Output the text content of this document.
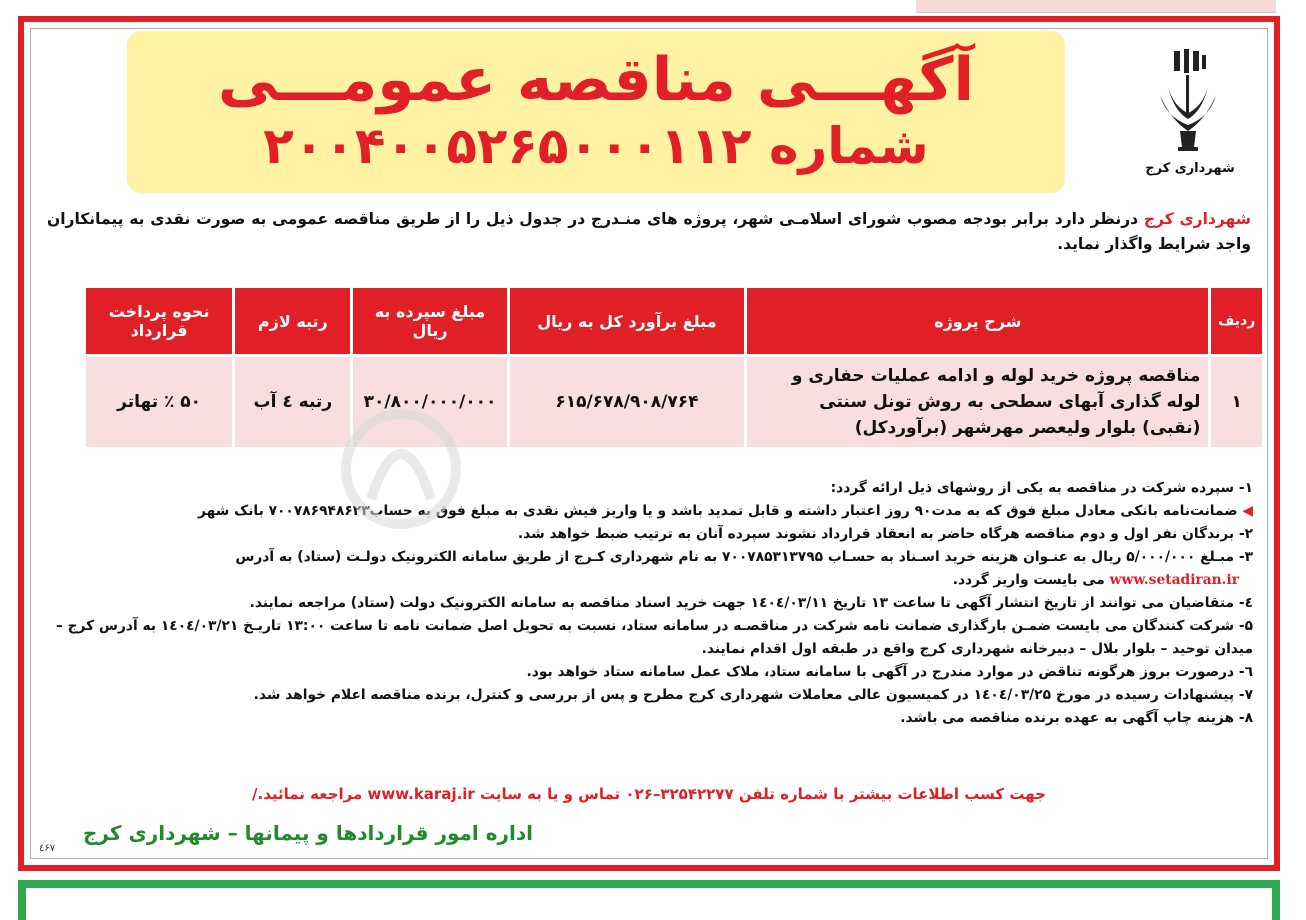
آگهـــی مناقصه عمومـــی
شماره ۲۰۰۴۰۰۵۲۶۵۰۰۰۱۱۲	شهرداری کرج
شهرداری کرج درنظر دارد برابر بودجه مصوب شورای اسلامـی شهر، پروژه های منـدرج در جدول ذیل را از طریق مناقصه عمومی به صورت نقدی به پیمانکاران واجد شرایط واگذار نماید.
ردیف	شرح پروژه	مبلغ برآورد کل به ریال	مبلغ سپرده به ریال	رتبه لازم	نحوه پرداخت قرارداد
۱	مناقصه پروژه خرید لوله و ادامه عملیات حفاری و لوله گذاری آبهای سطحی به روش تونل سنتی (نقبی) بلوار ولیعصر مهرشهر (برآوردکل)	۶۱۵/۶۷۸/۹۰۸/۷۶۴	۳۰/۸۰۰/۰۰۰/۰۰۰	رتبه ٤ آب	۵۰ ٪ تهاتر

۱- سپرده شرکت در مناقصه به یکی از روشهای ذیل ارائه گردد:

◀ ضمانت‌نامه بانکی معادل مبلغ فوق که به مدت۹۰ روز اعتبار داشته و قابل تمدید باشد و یا واریز فیش نقدی به مبلغ فوق به حساب۷۰۰۷۸۶۹۴۸۶۲۳ بانک شهر

۲- برندگان نفر اول و دوم مناقصه هرگاه حاضر به انعقاد قرارداد نشوند سپرده آنان به ترتیب ضبط خواهد شد.

۳- مبـلغ ۵/۰۰۰/۰۰۰ ریال به عنـوان هزینه خرید اسـناد به حسـاب ۷۰۰۷۸۵۳۱۳۷۹۵ به نام شهرداری کـرج از طریق سامانه الکترونیک دولـت (ستاد) به آدرس

www.setadiran.ir می بایست واریز گردد.

٤- متقاضیان می توانند از تاریخ انتشار آگهی تا ساعت ۱۳ تاریخ ۱٤۰٤/۰۳/۱۱ جهت خرید اسناد مناقصه به سامانه الکترونیک دولت (ستاد) مراجعه نمایند.

۵- شرکت کنندگان می بایست ضمـن بارگذاری ضمانت نامه شرکت در مناقصـه در سامانه ستاد، نسبت به تحویل اصل ضمانت نامه تا ساعت ۱۳:۰۰ تاریـخ ۱٤۰٤/۰۳/۲۱ به آدرس کرج – میدان توحید – بلوار بلال – دبیرخانه شهرداری کرج واقع در طبقه اول اقدام نمایند.

٦- درصورت بروز هرگونه تناقض در موارد مندرج در آگهی با سامانه ستاد، ملاک عمل سامانه ستاد خواهد بود.

۷- پیشنهادات رسیده در مورخ ۱٤۰٤/۰۳/۲۵ در کمیسیون عالی معاملات شهرداری کرج مطرح و پس از بررسی و کنترل، برنده مناقصه اعلام خواهد شد.

۸- هزینه چاپ آگهی به عهده برنده مناقصه می باشد.

جهت کسب اطلاعات بیشتر با شماره تلفن ۳۲۵۴۲۲۷۷–۰۲۶ تماس و یا به سایت www.karaj.ir مراجعه نمائید./
اداره امور قراردادها و پیمانها – شهرداری کرج
٤۶۷
